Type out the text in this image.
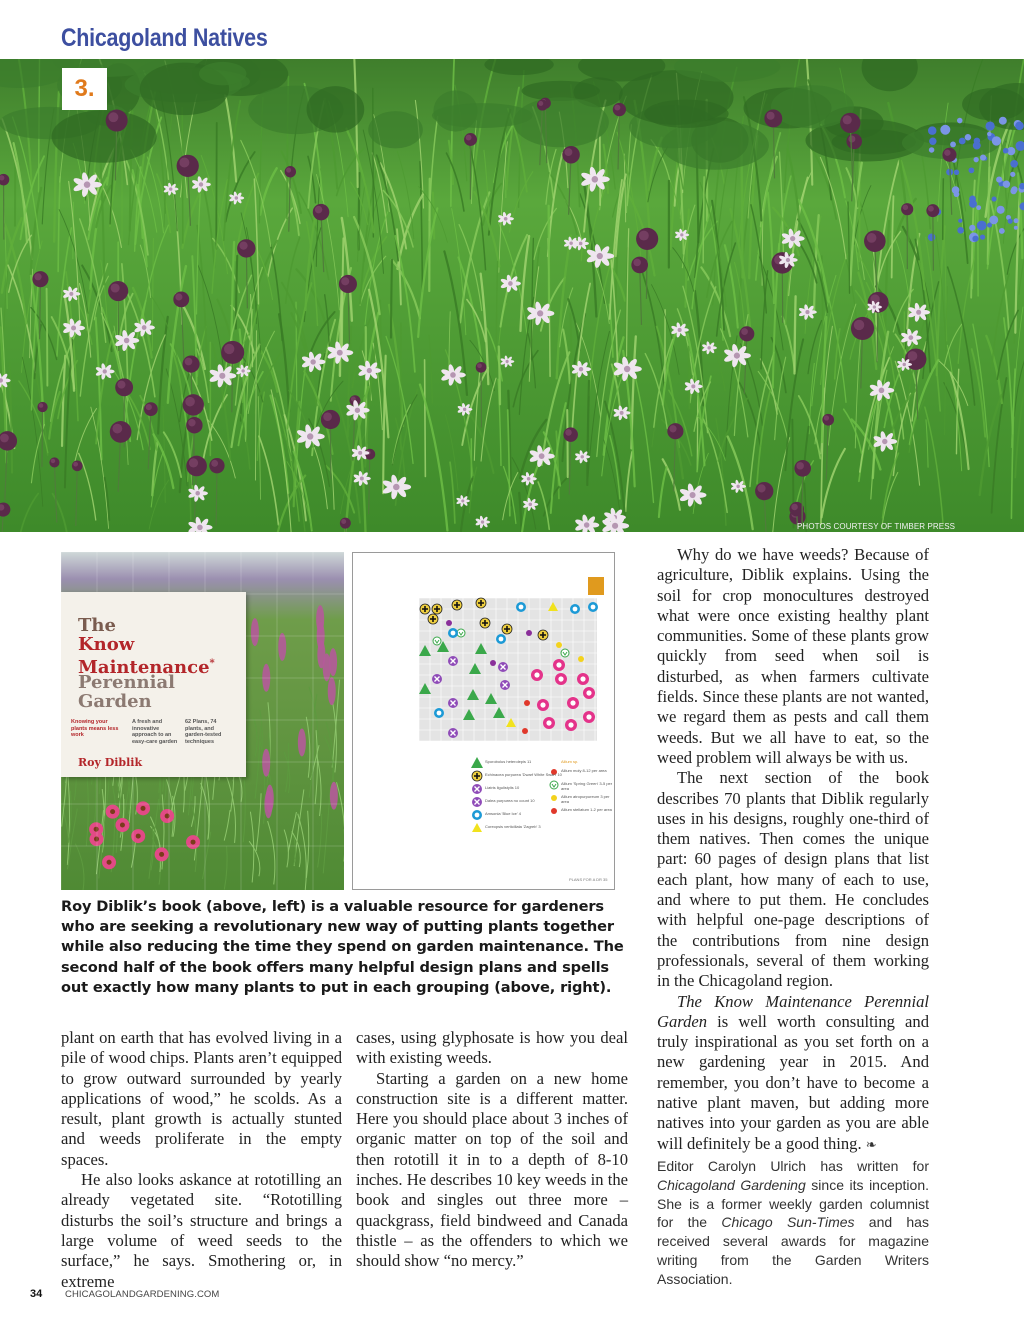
Chicagoland Natives
3.
PHOTOS COURTESY OF TIMBER PRESS
The
Know
Maintenance*
Perennial
Garden
Knowing your plants means less work
A fresh and innovative approach to an easy-care garden
62 Plans, 74 plants, and garden-tested techniques
Roy Diblik	Sporobolus heterolepis 11
Echinacea purpurea 'Dwarf White Swan' 10
Liatris ligulistylis 10
Dalea purpurea no count 10
Amsonia 'Blue Ice' 4
Coreopsis verticillata 'Zagreb' 3
Allium sp.
Allium moly 8-12 per area
Allium 'Spring Green' 3-5 per area
Allium atropurpureum 3 per area
Allium stellatum 1-2 per area
PLANS FOR A DR 35
Roy Diblik’s book (above, left) is a valuable resource for gardeners who are seeking a revolutionary new way of putting plants together while also reducing the time they spend on garden maintenance. The second half of the book offers many helpful design plans and spells out exactly how many plants to put in each grouping (above, right).

Why do we have weeds? Because of agriculture, Diblik explains. Using the soil for crop monocultures destroyed what were once existing healthy plant communities. Some of these plants grow quickly from seed when soil is disturbed, as when farmers cultivate fields. Since these plants are not wanted, we regard them as pests and call them weeds. But we all have to eat, so the weed problem will always be with us.

The next section of the book describes 70 plants that Diblik regularly uses in his designs, roughly one-third of them natives. Then comes the unique part: 60 pages of design plans that list each plant, how many of each to use, and where to put them. He concludes with helpful one-page descriptions of the contributions from nine design professionals, several of them working in the Chicagoland region.

The Know Maintenance Perennial Garden is well worth consulting and truly inspirational as you set forth on a new gardening year in 2015. And remember, you don’t have to become a native plant maven, but adding more natives into your garden as you are able will definitely be a good thing. ❧

Editor Carolyn Ulrich has written for Chicagoland Gardening since its inception. She is a former weekly garden columnist for the Chicago Sun-Times and has received several awards for magazine writing from the Garden Writers Association.

plant on earth that has evolved living in a pile of wood chips. Plants aren’t equipped to grow outward surrounded by yearly applications of wood,” he scolds. As a result, plant growth is actually stunted and weeds proliferate in the empty spaces.

He also looks askance at rototilling an already vegetated site. “Rototilling disturbs the soil’s structure and brings a large volume of weed seeds to the surface,” he says. Smothering or, in extreme

cases, using glyphosate is how you deal with existing weeds.

Starting a garden on a new home construction site is a different matter. Here you should place about 3 inches of organic matter on top of the soil and then rototill it in to a depth of 8-10 inches. He describes 10 key weeds in the book and singles out three more – quackgrass, field bindweed and Canada thistle – as the offenders to which we should show “no mercy.”

34 CHICAGOLANDGARDENING.COM
